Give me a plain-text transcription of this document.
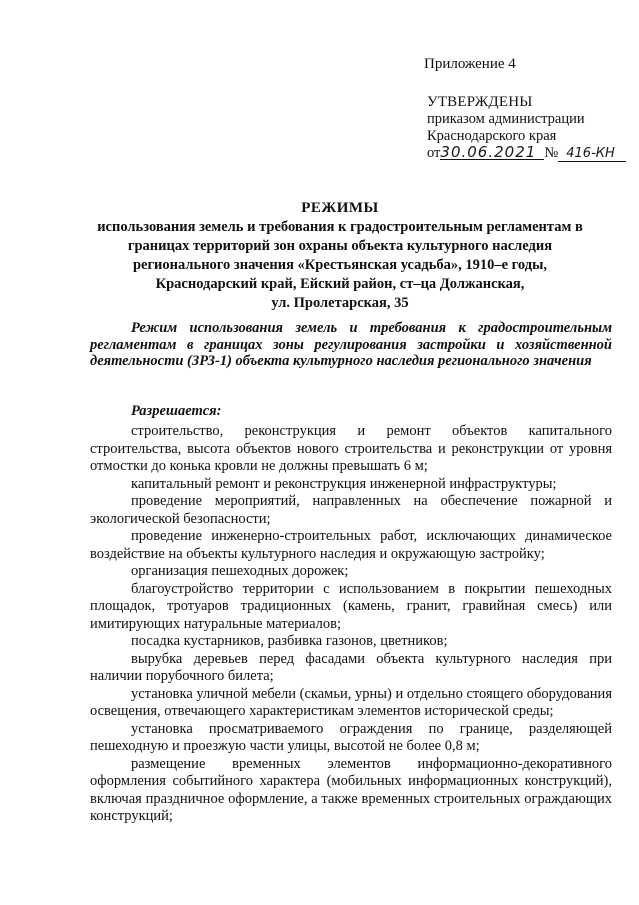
Приложение 4
УТВЕРЖДЕНЫ
приказом администрации
Краснодарского края
от30.06.2021 № 416-КН
РЕЖИМЫ
использования земель и требования к градостроительным регламентам в
границах территорий зон охраны объекта культурного наследия
регионального значения «Крестьянская усадьба», 1910–е годы,
Краснодарский край, Ейский район, ст–ца Должанская,
ул. Пролетарская, 35
Режим использования земель и требования к градостроительным регламентам в границах зоны регулирования застройки и хозяйственной деятельности (ЗРЗ-1) объекта культурного наследия регионального значения
Разрешается:

строительство, реконструкция и ремонт объектов капитального строительства, высота объектов нового строительства и реконструкции от уровня отмостки до конька кровли не должны превышать 6 м;

капитальный ремонт и реконструкция инженерной инфраструктуры;

проведение мероприятий, направленных на обеспечение пожарной и экологической безопасности;

проведение инженерно-строительных работ, исключающих динамическое воздействие на объекты культурного наследия и окружающую застройку;

организация пешеходных дорожек;

благоустройство территории с использованием в покрытии пешеходных площадок, тротуаров традиционных (камень, гранит, гравийная смесь) или имитирующих натуральные материалов;

посадка кустарников, разбивка газонов, цветников;

вырубка деревьев перед фасадами объекта культурного наследия при наличии порубочного билета;

установка уличной мебели (скамьи, урны) и отдельно стоящего оборудования освещения, отвечающего характеристикам элементов исторической среды;

установка просматриваемого ограждения по границе, разделяющей пешеходную и проезжую части улицы, высотой не более 0,8 м;

размещение временных элементов информационно-декоративного оформления событийного характера (мобильных информационных конструкций), включая праздничное оформление, а также временных строительных ограждающих конструкций;
